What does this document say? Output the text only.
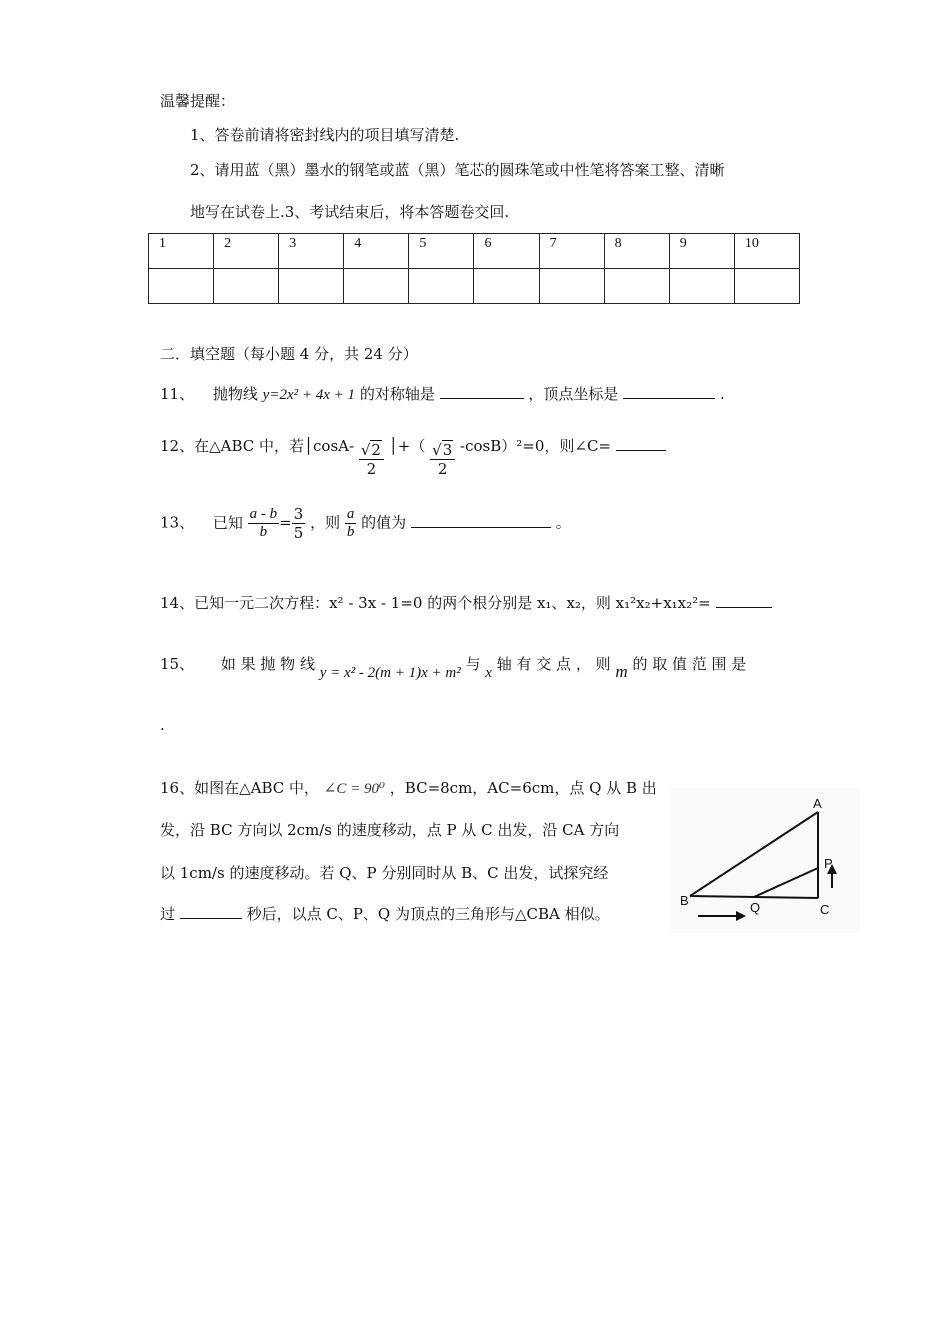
温馨提醒：
1、答卷前请将密封线内的项目填写清楚.
2、请用蓝（黑）墨水的钢笔或蓝（黑）笔芯的圆珠笔或中性笔将答案工整、清晰
地写在试卷上.3、考试结束后，将本答题卷交回.
1	2	3	4	5	6	7	8	9	10

二．填空题（每小题 4 分，共 24 分）
11、 抛物线 y=2x² + 4x + 1 的对称轴是	，顶点坐标是	.
12、在△ABC 中，若│cosA- $\frac{√2}{2}$ │+（ $\frac{√3}{2} -\cos B)^2=0$，则∠C=
13、 已知 $\frac{a - b}{b} = \frac{3}{5}$ ，则 $\frac{a}{b}$ 的值为	。
14、已知一元二次方程：x² - 3x - 1=0 的两个根分别是 x₁、x₂，则 x₁²x₂+x₁x₂²=
15、 如 果 抛 物 线 y = x² - 2(m + 1)x + m² 与 x 轴 有 交 点 ， 则 m 的 取 值 范 围 是
.
16、如图在△ABC 中， ∠C = 90⁰ ，BC=8cm，AC=6cm，点 Q 从 B 出
发，沿 BC 方向以 2cm/s 的速度移动，点 P 从 C 出发，沿 CA 方向
以 1cm/s 的速度移动。若 Q、P 分别同时从 B、C 出发，试探究经
过	秒后，以点 C、P、Q 为顶点的三角形与△CBA 相似。
A
B
C
P
Q
